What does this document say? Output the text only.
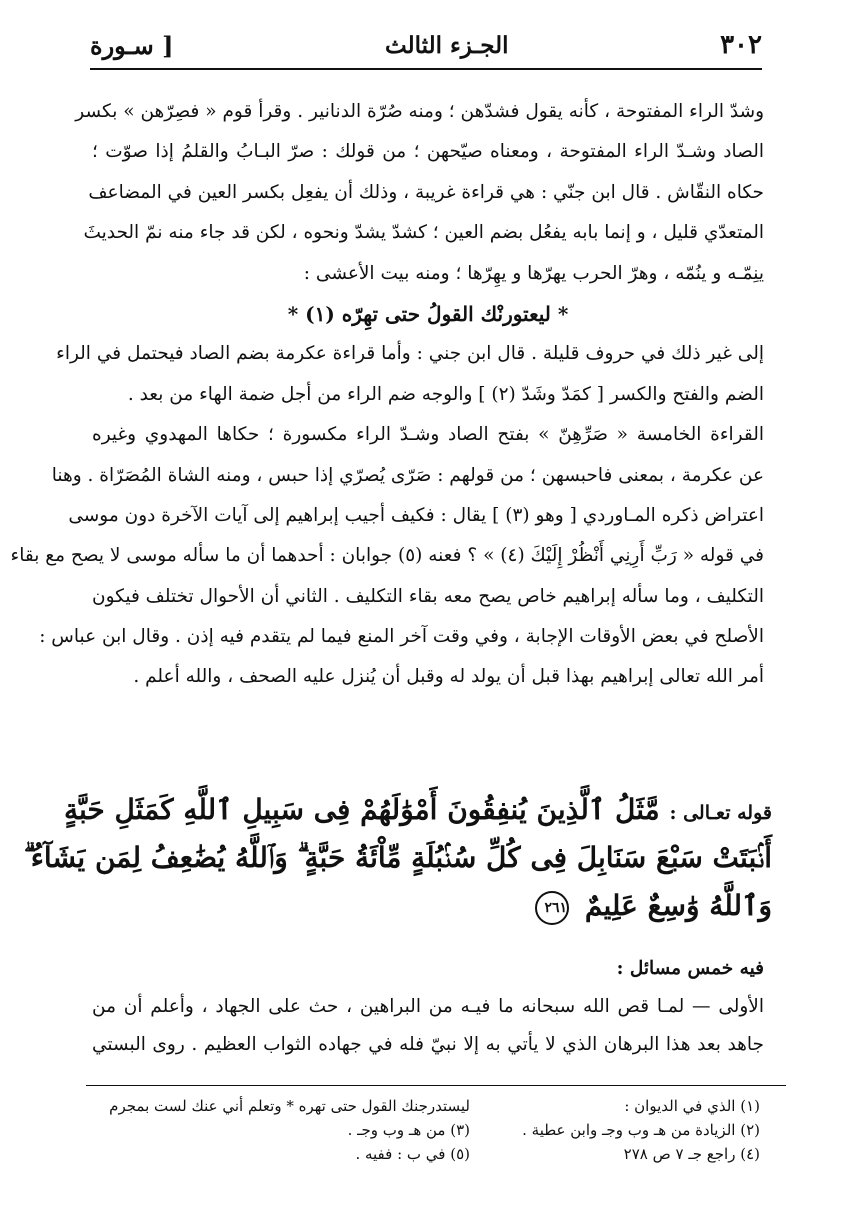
٣٠٢
الجـزء الثالث
[ سـورة
وشدّ الراء المفتوحة ، كأنه يقول فشدّهن ؛ ومنه صُرّة الدنانير . وقرأ قوم « فصِرّهن » بكسر
الصاد وشـدّ الراء المفتوحة ، ومعناه صيّحهن ؛ من قولك : صرّ البـابُ والقلمُ إذا صوّت ؛
حكاه النقّاش . قال ابن جنّي : هي قراءة غريبة ، وذلك أن يفعِل بكسر العين في المضاعف
المتعدّي قليل ، و إنما بابه يفعُل بضم العين ؛ كشدّ يشدّ ونحوه ، لكن قد جاء منه نمّ الحديثَ
ينِمّـه و ينُمّه ، وهرّ الحرب يهرّها و يهِرّها ؛ ومنه بيت الأعشى :
* ليعتورنْك القولُ حتى تهِرّه (١) *
إلى غير ذلك في حروف قليلة . قال ابن جني : وأما قراءة عكرمة بضم الصاد فيحتمل في الراء
الضم والفتح والكسر [ كمَدّ وشَدّ (٢) ] والوجه ضم الراء من أجل ضمة الهاء من بعد .
القراءة الخامسة « صَرِّهِنّ » بفتح الصاد وشـدّ الراء مكسورة ؛ حكاها المهدوي وغيره
عن عكرمة ، بمعنى فاحبسهن ؛ من قولهم : صَرّى يُصرّي إذا حبس ، ومنه الشاة المُصَرّاة . وهنا
اعتراض ذكره المـاوردي [ وهو (٣) ] يقال : فكيف أجيب إبراهيم إلى آيات الآخرة دون موسى
في قوله « رَبِّ أَرِنِي أَنْظُرْ إِلَيْكَ (٤) » ؟ فعنه (٥) جوابان : أحدهما أن ما سأله موسى لا يصح مع بقاء
التكليف ، وما سأله إبراهيم خاص يصح معه بقاء التكليف . الثاني أن الأحوال تختلف فيكون
الأصلح في بعض الأوقات الإجابة ، وفي وقت آخر المنع فيما لم يتقدم فيه إذن . وقال ابن عباس :
أمر الله تعالى إبراهيم بهذا قبل أن يولد له وقبل أن يُنزل عليه الصحف ، والله أعلم .
قوله تعـالى : مَّثَلُ ٱلَّذِينَ يُنفِقُونَ أَمْوَٰلَهُمْ فِى سَبِيلِ ٱللَّهِ كَمَثَلِ حَبَّةٍ
أَنۢبَتَتْ سَبْعَ سَنَابِلَ فِى كُلِّ سُنۢبُلَةٍ مِّاْئَةُ حَبَّةٍ ۗ وَٱللَّهُ يُضَٰعِفُ لِمَن يَشَآءُ ۗ
وَٱللَّهُ وَٰسِعٌ عَلِيمٌ ٢٦١
فيه خمس مسائل :
الأولى — لمـا قص الله سبحانه ما فيـه من البراهين ، حث على الجهاد ، وأعلم أن من
جاهد بعد هذا البرهان الذي لا يأتي به إلا نبيّ فله في جهاده الثواب العظيم . روى البستي
(١) الذي في الديوان :
ليستدرجنك القول حتى تهره * وتعلم أني عنك لست بمجرم
(٢) الزيادة من هـ وب وجـ وابن عطية .
(٣) من هـ وب وجـ .
(٤) راجع جـ ٧ ص ٢٧٨
(٥) في ب : ففيه .
